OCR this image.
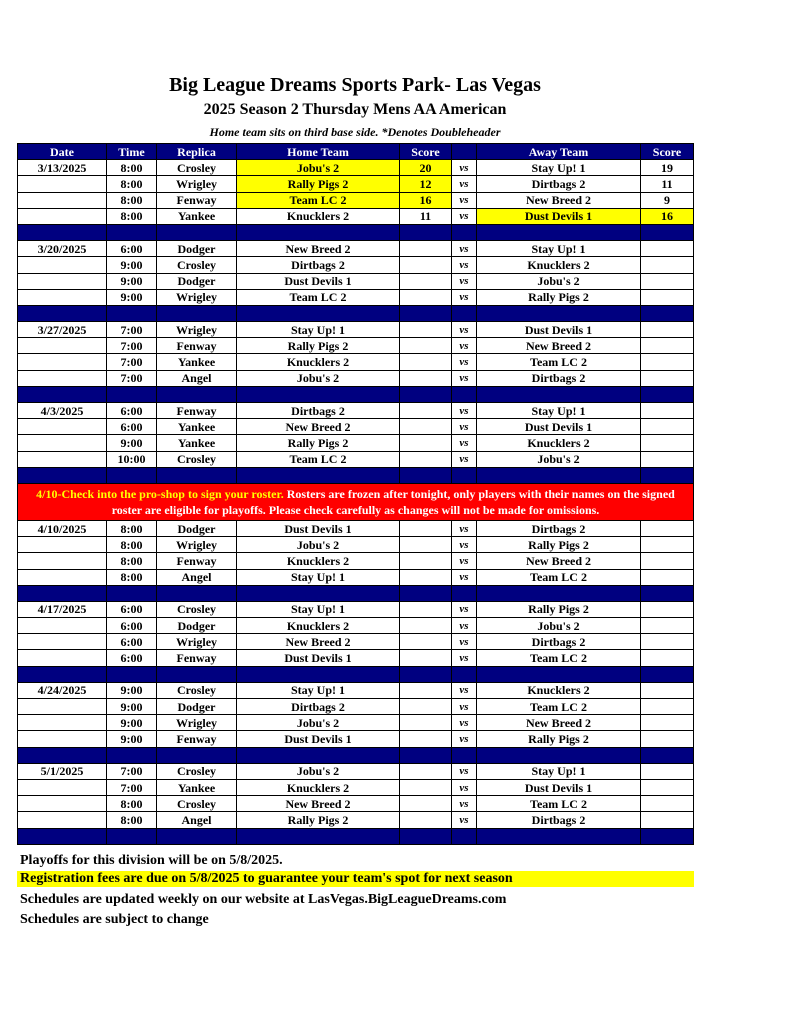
Big League Dreams Sports Park- Las Vegas
2025 Season 2 Thursday Mens AA American
Home team sits on third base side. *Denotes Doubleheader
Date	Time	Replica	Home Team	Score		Away Team	Score
3/13/2025	8:00	Crosley	Jobu's 2	20	vs	Stay Up! 1	19
	8:00	Wrigley	Rally Pigs 2	12	vs	Dirtbags 2	11
	8:00	Fenway	Team LC 2	16	vs	New Breed 2	9
	8:00	Yankee	Knucklers 2	11	vs	Dust Devils 1	16

3/20/2025	6:00	Dodger	New Breed 2		vs	Stay Up! 1	
	9:00	Crosley	Dirtbags 2		vs	Knucklers 2	
	9:00	Dodger	Dust Devils 1		vs	Jobu's 2	
	9:00	Wrigley	Team LC 2		vs	Rally Pigs 2	

3/27/2025	7:00	Wrigley	Stay Up! 1		vs	Dust Devils 1	
	7:00	Fenway	Rally Pigs 2		vs	New Breed 2	
	7:00	Yankee	Knucklers 2		vs	Team LC 2	
	7:00	Angel	Jobu's 2		vs	Dirtbags 2	

4/3/2025	6:00	Fenway	Dirtbags 2		vs	Stay Up! 1	
	6:00	Yankee	New Breed 2		vs	Dust Devils 1	
	9:00	Yankee	Rally Pigs 2		vs	Knucklers 2	
	10:00	Crosley	Team LC 2		vs	Jobu's 2	

4/10-Check into the pro-shop to sign your roster. Rosters are frozen after tonight, only players with their names on the signed roster are eligible for playoffs. Please check carefully as changes will not be made for omissions.							
4/10/2025	8:00	Dodger	Dust Devils 1		vs	Dirtbags 2	
	8:00	Wrigley	Jobu's 2		vs	Rally Pigs 2	
	8:00	Fenway	Knucklers 2		vs	New Breed 2	
	8:00	Angel	Stay Up! 1		vs	Team LC 2	

4/17/2025	6:00	Crosley	Stay Up! 1		vs	Rally Pigs 2	
	6:00	Dodger	Knucklers 2		vs	Jobu's 2	
	6:00	Wrigley	New Breed 2		vs	Dirtbags 2	
	6:00	Fenway	Dust Devils 1		vs	Team LC 2	

4/24/2025	9:00	Crosley	Stay Up! 1		vs	Knucklers 2	
	9:00	Dodger	Dirtbags 2		vs	Team LC 2	
	9:00	Wrigley	Jobu's 2		vs	New Breed 2	
	9:00	Fenway	Dust Devils 1		vs	Rally Pigs 2	

5/1/2025	7:00	Crosley	Jobu's 2		vs	Stay Up! 1	
	7:00	Yankee	Knucklers 2		vs	Dust Devils 1	
	8:00	Crosley	New Breed 2		vs	Team LC 2	
	8:00	Angel	Rally Pigs 2		vs	Dirtbags 2	

Playoffs for this division will be on 5/8/2025.
Registration fees are due on 5/8/2025 to guarantee your team's spot for next season
Schedules are updated weekly on our website at LasVegas.BigLeagueDreams.com
Schedules are subject to change
